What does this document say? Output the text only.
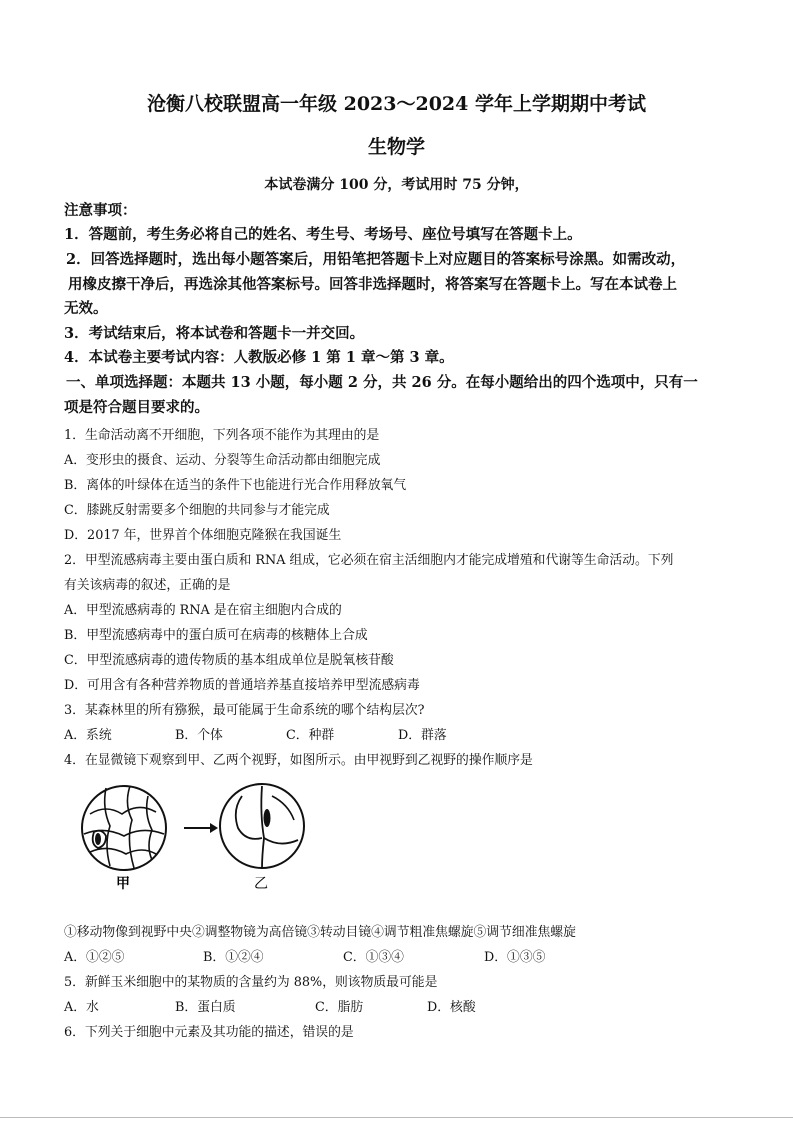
沧衡八校联盟高一年级 2023～2024 学年上学期期中考试
生物学
本试卷满分 100 分，考试用时 75 分钟，
注意事项：
1．答题前，考生务必将自己的姓名、考生号、考场号、座位号填写在答题卡上。
2．回答选择题时，选出每小题答案后，用铅笔把答题卡上对应题目的答案标号涂黑。如需改动，
用橡皮擦干净后，再选涂其他答案标号。回答非选择题时，将答案写在答题卡上。写在本试卷上
无效。
3．考试结束后，将本试卷和答题卡一并交回。
4．本试卷主要考试内容：人教版必修 1 第 1 章～第 3 章。
一、单项选择题：本题共 13 小题，每小题 2 分，共 26 分。在每小题给出的四个选项中，只有一
项是符合题目要求的。
1．生命活动离不开细胞，下列各项不能作为其理由的是
A．变形虫的摄食、运动、分裂等生命活动都由细胞完成
B．离体的叶绿体在适当的条件下也能进行光合作用释放氧气
C．膝跳反射需要多个细胞的共同参与才能完成
D．2017 年，世界首个体细胞克隆猴在我国诞生
2．甲型流感病毒主要由蛋白质和 RNA 组成，它必须在宿主活细胞内才能完成增殖和代谢等生命活动。下列
有关该病毒的叙述，正确的是
A．甲型流感病毒的 RNA 是在宿主细胞内合成的
B．甲型流感病毒中的蛋白质可在病毒的核糖体上合成
C．甲型流感病毒的遗传物质的基本组成单位是脱氧核苷酸
D．可用含有各种营养物质的普通培养基直接培养甲型流感病毒
3．某森林里的所有猕猴，最可能属于生命系统的哪个结构层次?
A．系统	B．个体	C．种群	D．群落
4．在显微镜下观察到甲、乙两个视野，如图所示。由甲视野到乙视野的操作顺序是
甲	乙
①移动物像到视野中央②调整物镜为高倍镜③转动目镜④调节粗准焦螺旋⑤调节细准焦螺旋
A．①②⑤	B．①②④	C．①③④	D．①③⑤
5．新鲜玉米细胞中的某物质的含量约为 88%，则该物质最可能是
A．水	B．蛋白质	C．脂肪	D．核酸
6．下列关于细胞中元素及其功能的描述，错误的是
